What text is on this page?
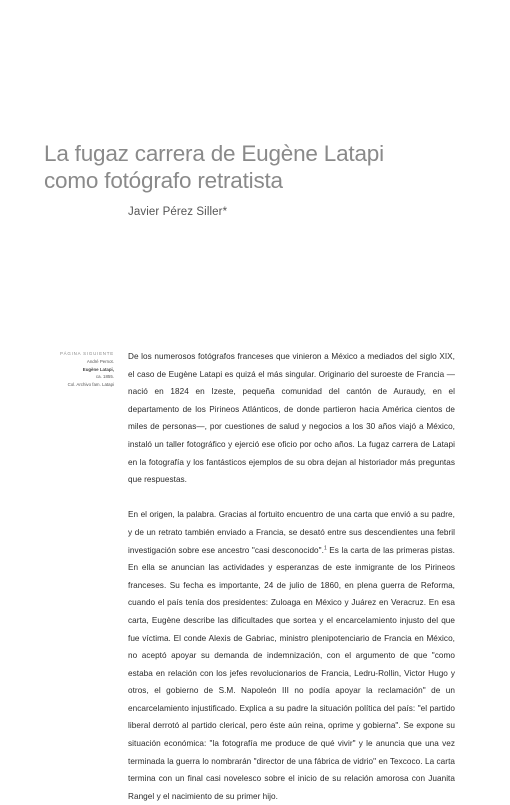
La fugaz carrera de Eugène Latapi
como fotógrafo retratista
Javier Pérez Siller*
PÁGINA SIGUIENTE
André Pernot.
Eugène Latapi,
ca. 1855.
Col. Archivo fam. Latapi

De los numerosos fotógrafos franceses que vinieron a México a mediados del siglo XIX, el caso de Eugène Latapi es quizá el más singular. Originario del suroeste de Francia —nació en 1824 en Izeste, pequeña comunidad del cantón de Auraudy, en el departamento de los Pirineos Atlánticos, de donde partieron hacia América cientos de miles de personas—, por cuestiones de salud y negocios a los 30 años viajó a México, instaló un taller fotográfico y ejerció ese oficio por ocho años. La fugaz carrera de Latapi en la fotografía y los fantásticos ejemplos de su obra dejan al historiador más preguntas que respuestas.

En el origen, la palabra. Gracias al fortuito encuentro de una carta que envió a su padre, y de un retrato también enviado a Francia, se desató entre sus descendientes una febril investigación sobre ese ancestro "casi desconocido".$^1$ Es la carta de las primeras pistas. En ella se anuncian las actividades y esperanzas de este inmigrante de los Pirineos franceses. Su fecha es importante, 24 de julio de 1860, en plena guerra de Reforma, cuando el país tenía dos presidentes: Zuloaga en México y Juárez en Veracruz. En esa carta, Eugène describe las dificultades que sortea y el encarcelamiento injusto del que fue víctima. El conde Alexis de Gabriac, ministro plenipotenciario de Francia en México, no aceptó apoyar su demanda de indemnización, con el argumento de que "como estaba en relación con los jefes revolucionarios de Francia, Ledru-Rollin, Victor Hugo y otros, el gobierno de S.M. Napoleón III no podía apoyar la reclamación" de un encarcelamiento injustificado. Explica a su padre la situación política del país: "el partido liberal derrotó al partido clerical, pero éste aún reina, oprime y gobierna". Se expone su situación económica: "la fotografía me produce de qué vivir" y le anuncia que una vez terminada la guerra lo nombrarán "director de una fábrica de vidrio" en Texcoco. La carta termina con un final casi novelesco sobre el inicio de su relación amorosa con Juanita Rangel y el nacimiento de su primer hijo.
